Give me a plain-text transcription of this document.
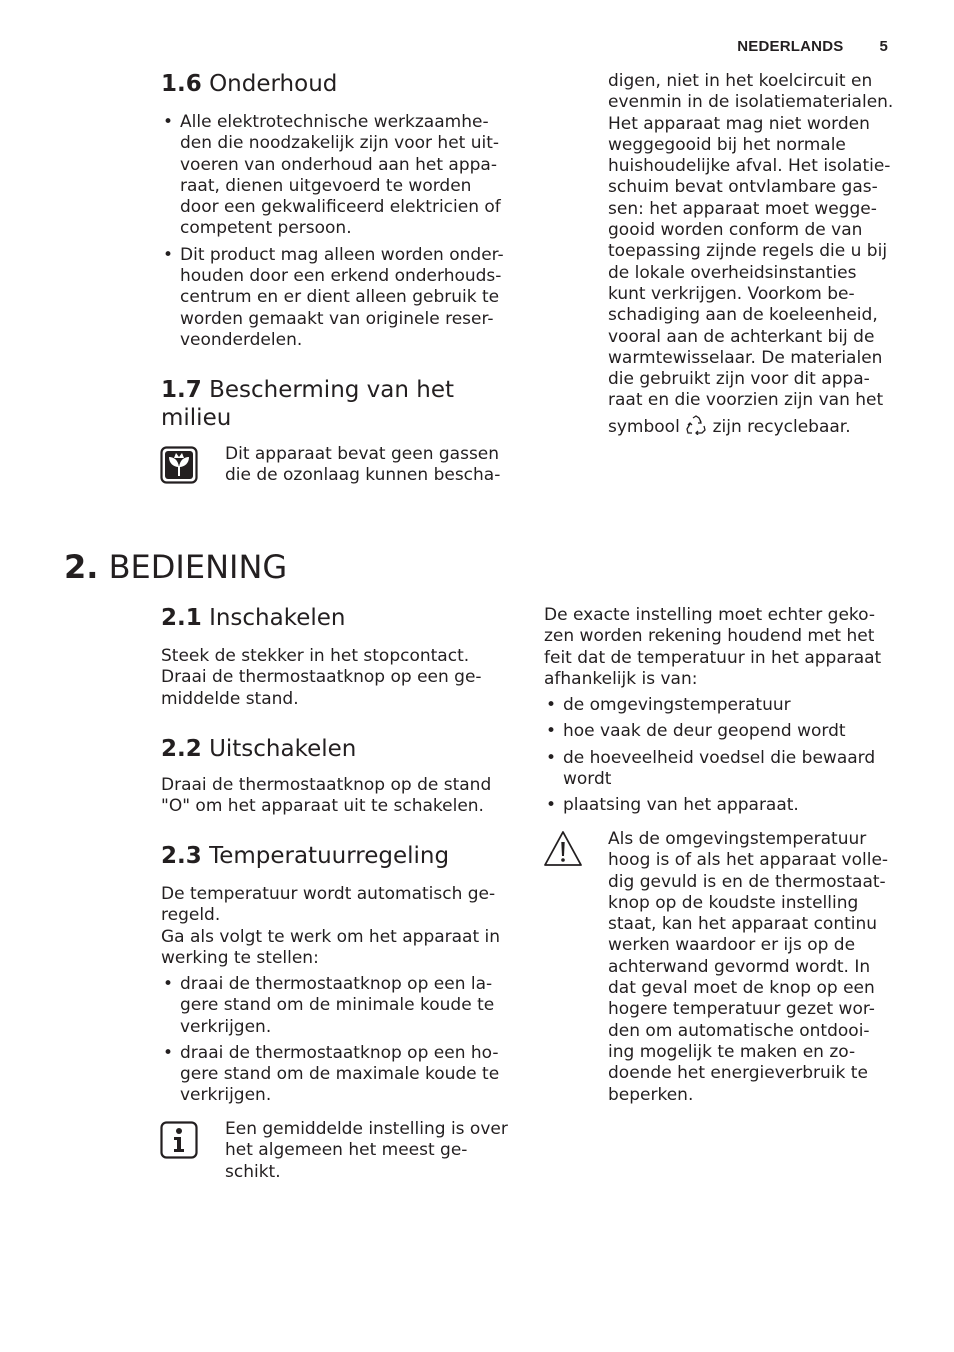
NEDERLANDS 5
1.6 Onderhoud
• Alle elektrotechnische werkzaamhe-
den die noodzakelijk zijn voor het uit-
voeren van onderhoud aan het appa-
raat, dienen uitgevoerd te worden
door een gekwalificeerd elektricien of
competent persoon.
• Dit product mag alleen worden onder-
houden door een erkend onderhouds-
centrum en er dient alleen gebruik te
worden gemaakt van originele reser-
veonderdelen.
1.7 Bescherming van het
milieu

Dit apparaat bevat geen gassen
die de ozonlaag kunnen bescha-

digen, niet in het koelcircuit en
evenmin in de isolatiematerialen.
Het apparaat mag niet worden
weggegooid bij het normale
huishoudelijke afval. Het isolatie-
schuim bevat ontvlambare gas-
sen: het apparaat moet wegge-
gooid worden conform de van
toepassing zijnde regels die u bij
de lokale overheidsinstanties
kunt verkrijgen. Voorkom be-
schadiging aan de koeleenheid,
vooral aan de achterkant bij de
warmtewisselaar. De materialen
die gebruikt zijn voor dit appa-
raat en die voorzien zijn van het
symbool zijn recyclebaar.

2. BEDIENING
2.1 Inschakelen

Steek de stekker in het stopcontact.
Draai de thermostaatknop op een ge-
middelde stand.

2.2 Uitschakelen

Draai de thermostaatknop op de stand
"O" om het apparaat uit te schakelen.

2.3 Temperatuurregeling

De temperatuur wordt automatisch ge-
regeld.
Ga als volgt te werk om het apparaat in
werking te stellen:

• draai de thermostaatknop op een la-
gere stand om de minimale koude te
verkrijgen.
• draai de thermostaatknop op een ho-
gere stand om de maximale koude te
verkrijgen.

Een gemiddelde instelling is over
het algemeen het meest ge-
schikt.

De exacte instelling moet echter geko-
zen worden rekening houdend met het
feit dat de temperatuur in het apparaat
afhankelijk is van:

• de omgevingstemperatuur
• hoe vaak de deur geopend wordt
• de hoeveelheid voedsel die bewaard
wordt
• plaatsing van het apparaat.

Als de omgevingstemperatuur
hoog is of als het apparaat volle-
dig gevuld is en de thermostaat-
knop op de koudste instelling
staat, kan het apparaat continu
werken waardoor er ijs op de
achterwand gevormd wordt. In
dat geval moet de knop op een
hogere temperatuur gezet wor-
den om automatische ontdooi-
ing mogelijk te maken en zo-
doende het energieverbruik te
beperken.
